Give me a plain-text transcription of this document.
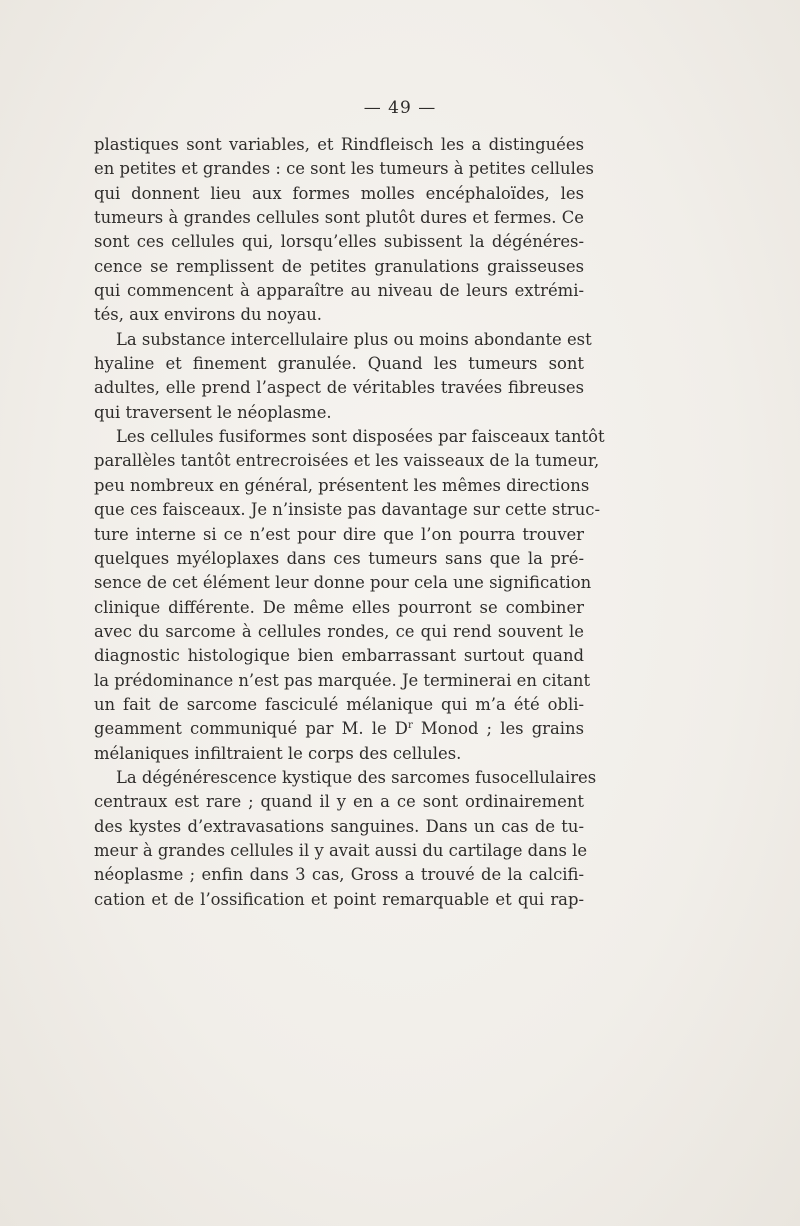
— 49 —
plastiques sont variables, et Rindfleisch les a distinguées
en petites et grandes : ce sont les tumeurs à petites cellules
qui donnent lieu aux formes molles encéphaloïdes, les
tumeurs à grandes cellules sont plutôt dures et fermes. Ce
sont ces cellules qui, lorsqu’elles subissent la dégénéres-
cence se remplissent de petites granulations graisseuses
qui commencent à apparaître au niveau de leurs extrémi-
tés, aux environs du noyau.
La substance intercellulaire plus ou moins abondante est
hyaline et finement granulée. Quand les tumeurs sont
adultes, elle prend l’aspect de véritables travées fibreuses
qui traversent le néoplasme.
Les cellules fusiformes sont disposées par faisceaux tantôt
parallèles tantôt entrecroisées et les vaisseaux de la tumeur,
peu nombreux en général, présentent les mêmes directions
que ces faisceaux. Je n’insiste pas davantage sur cette struc-
ture interne si ce n’est pour dire que l’on pourra trouver
quelques myéloplaxes dans ces tumeurs sans que la pré-
sence de cet élément leur donne pour cela une signification
clinique différente. De même elles pourront se combiner
avec du sarcome à cellules rondes, ce qui rend souvent le
diagnostic histologique bien embarrassant surtout quand
la prédominance n’est pas marquée. Je terminerai en citant
un fait de sarcome fasciculé mélanique qui m’a été obli-
geamment communiqué par M. le $D^r$ Monod ; les grains
mélaniques infiltraient le corps des cellules.
La dégénérescence kystique des sarcomes fusocellulaires
centraux est rare ; quand il y en a ce sont ordinairement
des kystes d’extravasations sanguines. Dans un cas de tu-
meur à grandes cellules il y avait aussi du cartilage dans le
néoplasme ; enfin dans 3 cas, Gross a trouvé de la calcifi-
cation et de l’ossification et point remarquable et qui rap-
